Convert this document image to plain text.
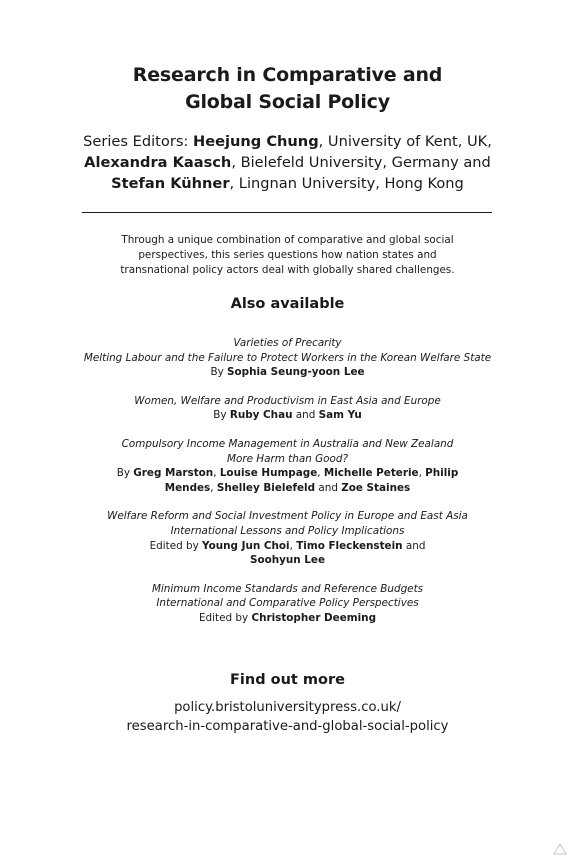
Research in Comparative and
Global Social Policy
Series Editors: Heejung Chung, University of Kent, UK,
Alexandra Kaasch, Bielefeld University, Germany and
Stefan Kühner, Lingnan University, Hong Kong
Through a unique combination of comparative and global social
perspectives, this series questions how nation states and
transnational policy actors deal with globally shared challenges.
Also available
Varieties of Precarity
Melting Labour and the Failure to Protect Workers in the Korean Welfare State
By Sophia Seung-yoon Lee
Women, Welfare and Productivism in East Asia and Europe
By Ruby Chau and Sam Yu
Compulsory Income Management in Australia and New Zealand
More Harm than Good?
By Greg Marston, Louise Humpage, Michelle Peterie, Philip
Mendes, Shelley Bielefeld and Zoe Staines
Welfare Reform and Social Investment Policy in Europe and East Asia
International Lessons and Policy Implications
Edited by Young Jun Choi, Timo Fleckenstein and
Soohyun Lee
Minimum Income Standards and Reference Budgets
International and Comparative Policy Perspectives
Edited by Christopher Deeming
Find out more
policy.bristoluniversitypress.co.uk/
research-in-comparative-and-global-social-policy
